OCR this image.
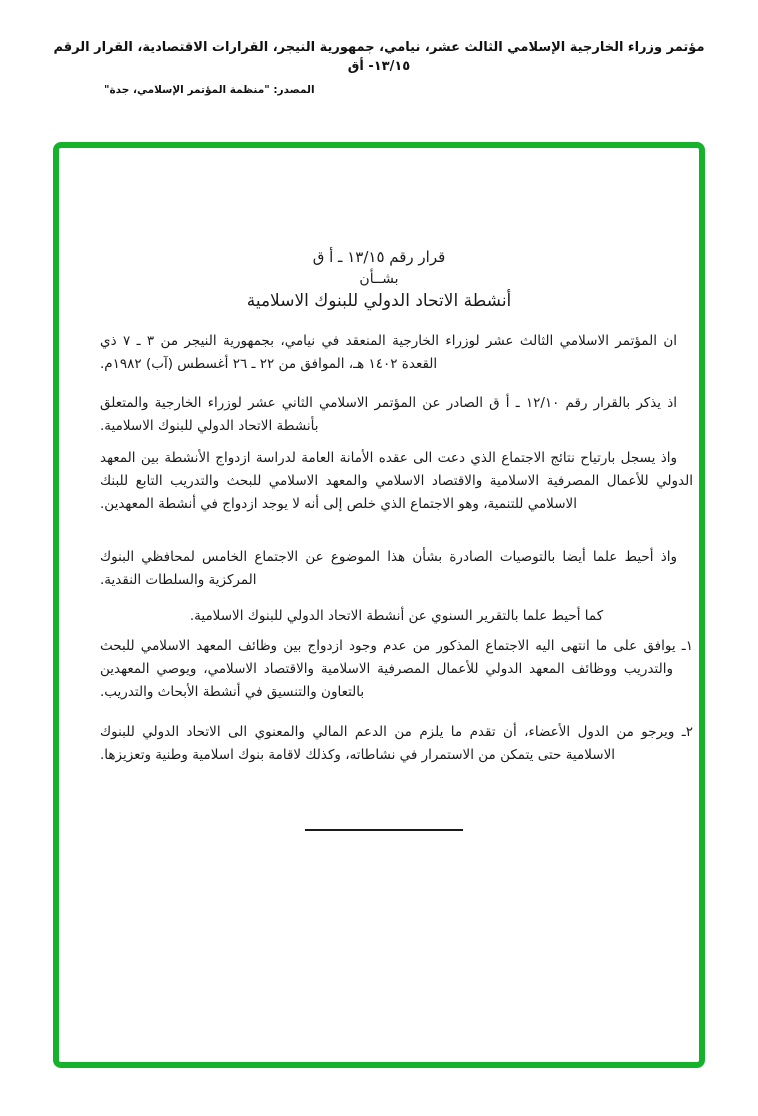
مؤتمر وزراء الخارجية الإسلامي الثالث عشر، نيامي، جمهورية النيجر، القرارات الاقتصادية، القرار الرقم ١٣/١٥- أق
المصدر: "منظمة المؤتمر الإسلامي، جدة"
قرار رقم ١٣/١٥ ـ أ ق
بشــأن
أنشطة الاتحاد الدولي للبنوك الاسلامية
ان المؤتمر الاسلامي الثالث عشر لوزراء الخارجية المنعقد في نيامي، بجمهورية النيجر من ٣ ـ ٧ ذي القعدة ١٤٠٢ هـ، الموافق من ٢٢ ـ ٢٦ أغسطس (آب) ١٩٨٢م.
اذ يذكر بالقرار رقم ١٢/١٠ ـ أ ق الصادر عن المؤتمر الاسلامي الثاني عشر لوزراء الخارجية والمتعلق بأنشطة الاتحاد الدولي للبنوك الاسلامية.
واذ يسجل بارتياح نتائج الاجتماع الذي دعت الى عقده الأمانة العامة لدراسة ازدواج الأنشطة بين المعهد الدولي للأعمال المصرفية الاسلامية والاقتصاد الاسلامي والمعهد الاسلامي للبحث والتدريب التابع للبنك الاسلامي للتنمية، وهو الاجتماع الذي خلص إلى أنه لا يوجد ازدواج في أنشطة المعهدين.
واذ أحيط علما أيضا بالتوصيات الصادرة بشأن هذا الموضوع عن الاجتماع الخامس لمحافظي البنوك المركزية والسلطات النقدية.
كما أحيط علما بالتقرير السنوي عن أنشطة الاتحاد الدولي للبنوك الاسلامية.
١ـ يوافق على ما انتهى اليه الاجتماع المذكور من عدم وجود ازدواج بين وظائف المعهد الاسلامي للبحث والتدريب ووظائف المعهد الدولي للأعمال المصرفية الاسلامية والاقتصاد الاسلامي، ويوصي المعهدين بالتعاون والتنسيق في أنشطة الأبحاث والتدريب.
٢ـ ويرجو من الدول الأعضاء، أن تقدم ما يلزم من الدعم المالي والمعنوي الى الاتحاد الدولي للبنوك الاسلامية حتى يتمكن من الاستمرار في نشاطاته، وكذلك لاقامة بنوك اسلامية وطنية وتعزيزها.
